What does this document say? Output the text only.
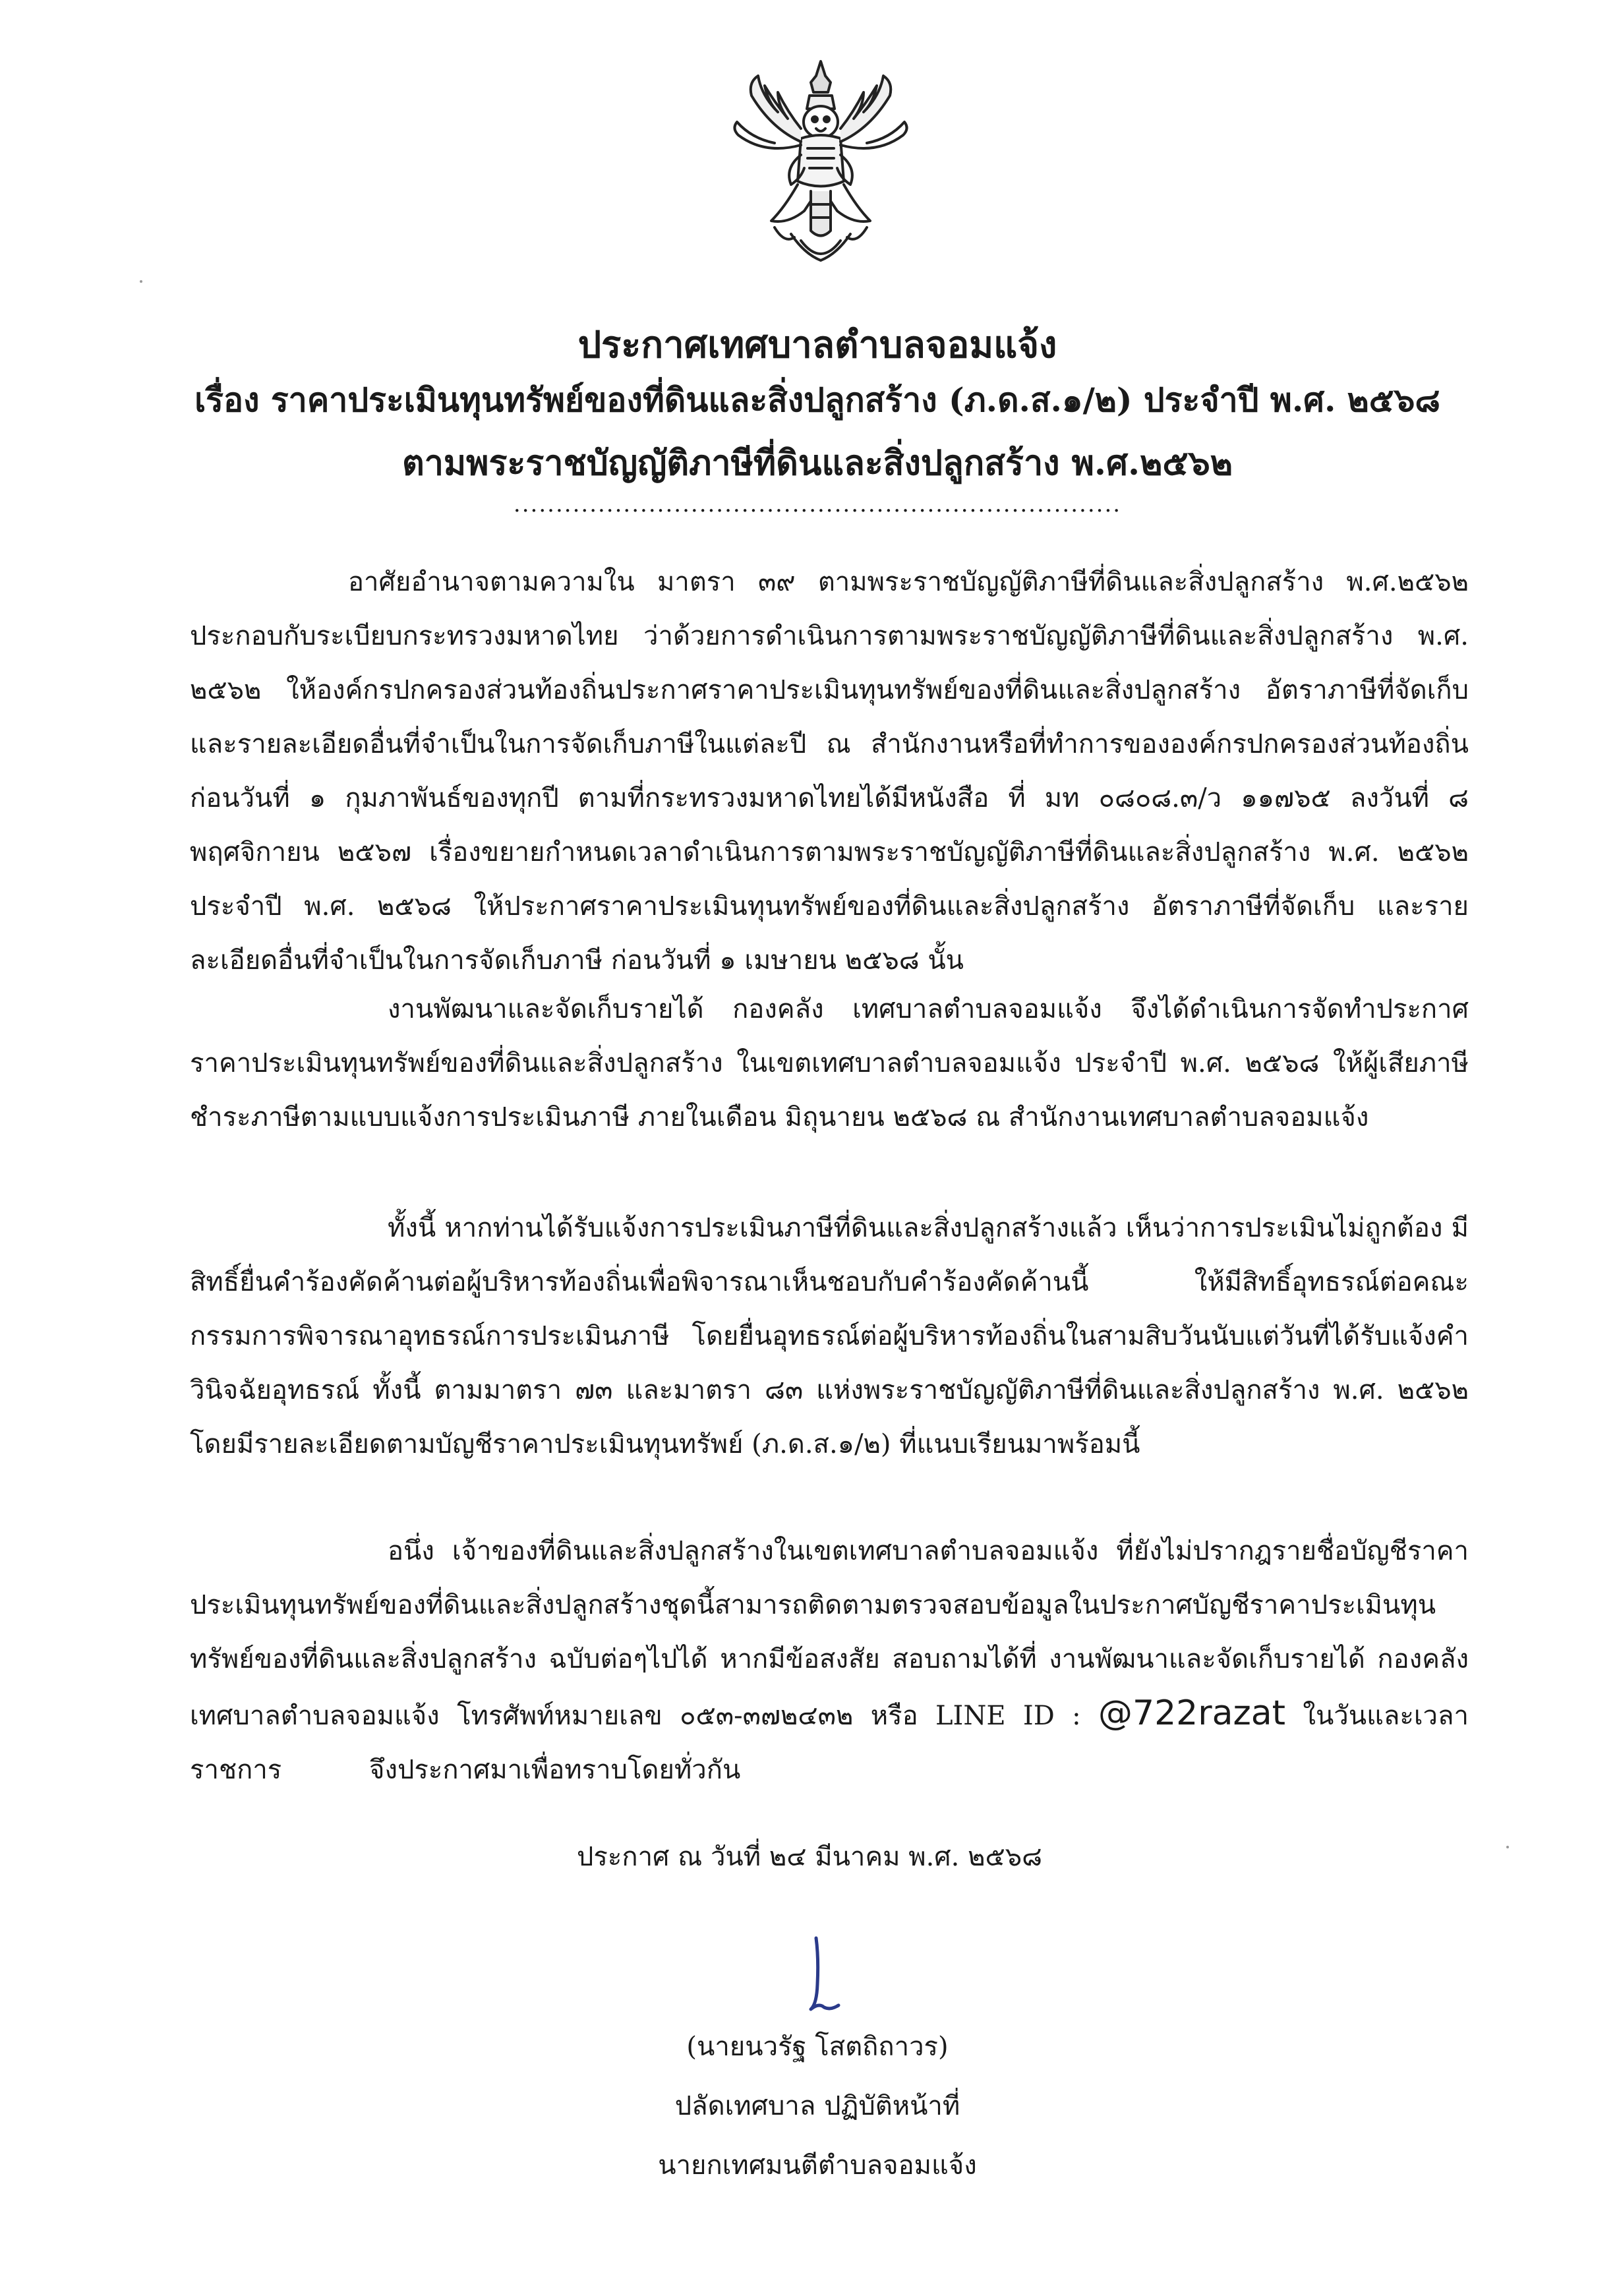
ประกาศเทศบาลตำบลจอมแจ้ง
เรื่อง ราคาประเมินทุนทรัพย์ของที่ดินและสิ่งปลูกสร้าง (ภ.ด.ส.๑/๒) ประจำปี พ.ศ. ๒๕๖๘
ตามพระราชบัญญัติภาษีที่ดินและสิ่งปลูกสร้าง พ.ศ.๒๕๖๒
........................................................................
อาศัยอำนาจตามความใน มาตรา ๓๙ ตามพระราชบัญญัติภาษีที่ดินและสิ่งปลูกสร้าง พ.ศ.๒๕๖๒ ประกอบกับระเบียบกระทรวงมหาดไทย ว่าด้วยการดำเนินการตามพระราชบัญญัติภาษีที่ดินและสิ่งปลูกสร้าง พ.ศ. ๒๕๖๒ ให้องค์กรปกครองส่วนท้องถิ่นประกาศราคาประเมินทุนทรัพย์ของที่ดินและสิ่งปลูกสร้าง อัตราภาษีที่จัดเก็บ และรายละเอียดอื่นที่จำเป็นในการจัดเก็บภาษีในแต่ละปี ณ สำนักงานหรือที่ทำการขององค์กรปกครองส่วนท้องถิ่นก่อนวันที่ ๑ กุมภาพันธ์ของทุกปี ตามที่กระทรวงมหาดไทยได้มีหนังสือ ที่ มท ๐๘๐๘.๓/ว ๑๑๗๖๕ ลงวันที่ ๘ พฤศจิกายน ๒๕๖๗ เรื่องขยายกำหนดเวลาดำเนินการตามพระราชบัญญัติภาษีที่ดินและสิ่งปลูกสร้าง พ.ศ. ๒๕๖๒ ประจำปี พ.ศ. ๒๕๖๘ ให้ประกาศราคาประเมินทุนทรัพย์ของที่ดินและสิ่งปลูกสร้าง อัตราภาษีที่จัดเก็บ และรายละเอียดอื่นที่จำเป็นในการจัดเก็บภาษี ก่อนวันที่ ๑ เมษายน ๒๕๖๘ นั้น
งานพัฒนาและจัดเก็บรายได้ กองคลัง เทศบาลตำบลจอมแจ้ง จึงได้ดำเนินการจัดทำประกาศราคาประเมินทุนทรัพย์ของที่ดินและสิ่งปลูกสร้าง ในเขตเทศบาลตำบลจอมแจ้ง ประจำปี พ.ศ. ๒๕๖๘ ให้ผู้เสียภาษีชำระภาษีตามแบบแจ้งการประเมินภาษี ภายในเดือน มิถุนายน ๒๕๖๘ ณ สำนักงานเทศบาลตำบลจอมแจ้ง
ทั้งนี้ หากท่านได้รับแจ้งการประเมินภาษีที่ดินและสิ่งปลูกสร้างแล้ว เห็นว่าการประเมินไม่ถูกต้อง มีสิทธิ์ยื่นคำร้องคัดค้านต่อผู้บริหารท้องถิ่นเพื่อพิจารณาเห็นชอบกับคำร้องคัดค้านนี้ ให้มีสิทธิ์อุทธรณ์ต่อคณะกรรมการพิจารณาอุทธรณ์การประเมินภาษี โดยยื่นอุทธรณ์ต่อผู้บริหารท้องถิ่นในสามสิบวันนับแต่วันที่ได้รับแจ้งคำวินิจฉัยอุทธรณ์ ทั้งนี้ ตามมาตรา ๗๓ และมาตรา ๘๓ แห่งพระราชบัญญัติภาษีที่ดินและสิ่งปลูกสร้าง พ.ศ. ๒๕๖๒ โดยมีรายละเอียดตามบัญชีราคาประเมินทุนทรัพย์ (ภ.ด.ส.๑/๒) ที่แนบเรียนมาพร้อมนี้
อนึ่ง เจ้าของที่ดินและสิ่งปลูกสร้างในเขตเทศบาลตำบลจอมแจ้ง ที่ยังไม่ปรากฎรายชื่อบัญชีราคาประเมินทุนทรัพย์ของที่ดินและสิ่งปลูกสร้างชุดนี้สามารถติดตามตรวจสอบข้อมูลในประกาศบัญชีราคาประเมินทุนทรัพย์ของที่ดินและสิ่งปลูกสร้าง ฉบับต่อๆไปได้ หากมีข้อสงสัย สอบถามได้ที่ งานพัฒนาและจัดเก็บรายได้ กองคลัง เทศบาลตำบลจอมแจ้ง โทรศัพท์หมายเลข ๐๕๓-๓๗๒๔๓๒ หรือ LINE ID : @722razat ในวันและเวลาราชการ	จึงประกาศมาเพื่อทราบโดยทั่วกัน
ประกาศ ณ วันที่ ๒๔ มีนาคม พ.ศ. ๒๕๖๘
(นายนวรัฐ โสตถิถาวร)
ปลัดเทศบาล ปฏิบัติหน้าที่
นายกเทศมนตีตำบลจอมแจ้ง
